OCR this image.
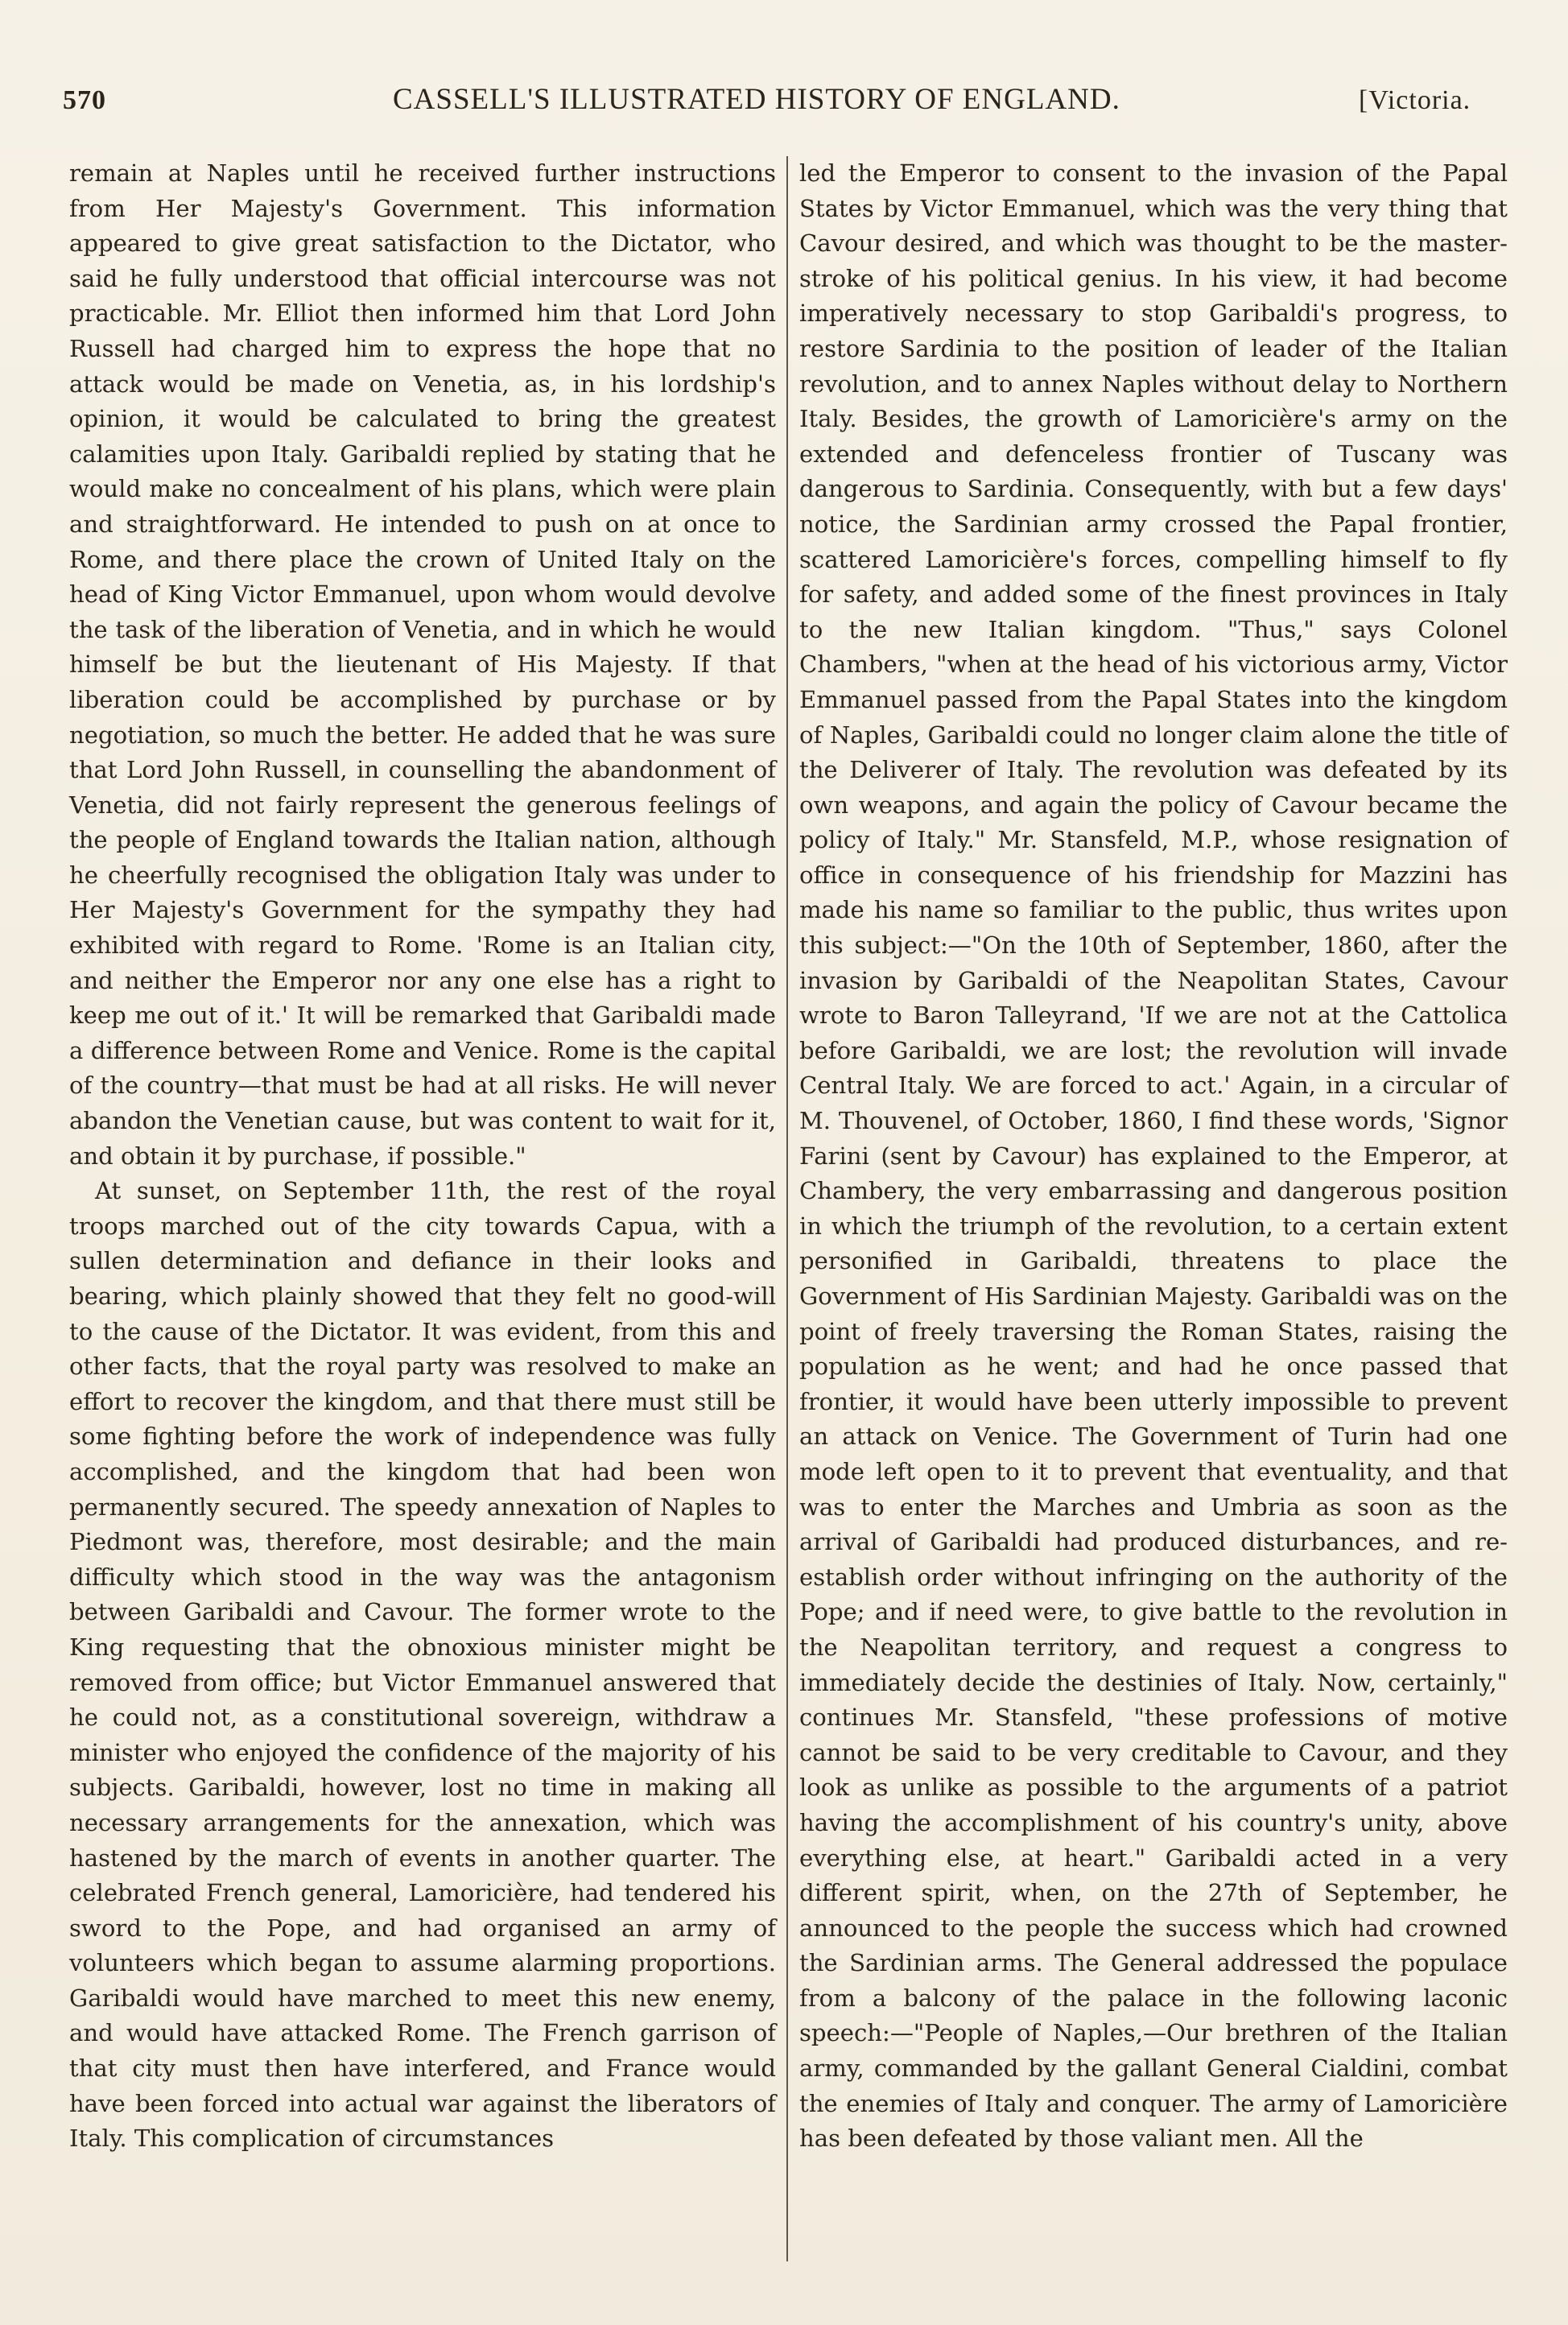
570	CASSELL'S ILLUSTRATED HISTORY OF ENGLAND.	[Victoria.

remain at Naples until he received further instructions from Her Majesty's Government. This information appeared to give great satisfaction to the Dictator, who said he fully understood that official intercourse was not practicable. Mr. Elliot then informed him that Lord John Russell had charged him to express the hope that no attack would be made on Venetia, as, in his lordship's opinion, it would be calculated to bring the greatest calamities upon Italy. Garibaldi replied by stating that he would make no concealment of his plans, which were plain and straightforward. He intended to push on at once to Rome, and there place the crown of United Italy on the head of King Victor Emmanuel, upon whom would devolve the task of the liberation of Venetia, and in which he would himself be but the lieutenant of His Majesty. If that liberation could be accomplished by purchase or by negotiation, so much the better. He added that he was sure that Lord John Russell, in counselling the abandonment of Venetia, did not fairly represent the generous feelings of the people of England towards the Italian nation, although he cheerfully recognised the obligation Italy was under to Her Majesty's Government for the sympathy they had exhibited with regard to Rome. 'Rome is an Italian city, and neither the Emperor nor any one else has a right to keep me out of it.' It will be remarked that Garibaldi made a difference between Rome and Venice. Rome is the capital of the country—that must be had at all risks. He will never abandon the Venetian cause, but was content to wait for it, and obtain it by purchase, if possible."

At sunset, on September 11th, the rest of the royal troops marched out of the city towards Capua, with a sullen determination and defiance in their looks and bearing, which plainly showed that they felt no good-will to the cause of the Dictator. It was evident, from this and other facts, that the royal party was resolved to make an effort to recover the kingdom, and that there must still be some fighting before the work of independence was fully accomplished, and the kingdom that had been won permanently secured. The speedy annexation of Naples to Piedmont was, therefore, most desirable; and the main difficulty which stood in the way was the antagonism between Garibaldi and Cavour. The former wrote to the King requesting that the obnoxious minister might be removed from office; but Victor Emmanuel answered that he could not, as a constitutional sovereign, withdraw a minister who enjoyed the confidence of the majority of his subjects. Garibaldi, however, lost no time in making all necessary arrangements for the annexation, which was hastened by the march of events in another quarter. The celebrated French general, Lamoricière, had tendered his sword to the Pope, and had organised an army of volunteers which began to assume alarming proportions. Garibaldi would have marched to meet this new enemy, and would have attacked Rome. The French garrison of that city must then have interfered, and France would have been forced into actual war against the liberators of Italy. This complication of circumstances

led the Emperor to consent to the invasion of the Papal States by Victor Emmanuel, which was the very thing that Cavour desired, and which was thought to be the master-stroke of his political genius. In his view, it had become imperatively necessary to stop Garibaldi's progress, to restore Sardinia to the position of leader of the Italian revolution, and to annex Naples without delay to Northern Italy. Besides, the growth of Lamoricière's army on the extended and defenceless frontier of Tuscany was dangerous to Sardinia. Consequently, with but a few days' notice, the Sardinian army crossed the Papal frontier, scattered Lamoricière's forces, compelling himself to fly for safety, and added some of the finest provinces in Italy to the new Italian kingdom. "Thus," says Colonel Chambers, "when at the head of his victorious army, Victor Emmanuel passed from the Papal States into the kingdom of Naples, Garibaldi could no longer claim alone the title of the Deliverer of Italy. The revolution was defeated by its own weapons, and again the policy of Cavour became the policy of Italy." Mr. Stansfeld, M.P., whose resignation of office in consequence of his friendship for Mazzini has made his name so familiar to the public, thus writes upon this subject:—"On the 10th of September, 1860, after the invasion by Garibaldi of the Neapolitan States, Cavour wrote to Baron Talleyrand, 'If we are not at the Cattolica before Garibaldi, we are lost; the revolution will invade Central Italy. We are forced to act.' Again, in a circular of M. Thouvenel, of October, 1860, I find these words, 'Signor Farini (sent by Cavour) has explained to the Emperor, at Chambery, the very embarrassing and dangerous position in which the triumph of the revolution, to a certain extent personified in Garibaldi, threatens to place the Government of His Sardinian Majesty. Garibaldi was on the point of freely traversing the Roman States, raising the population as he went; and had he once passed that frontier, it would have been utterly impossible to prevent an attack on Venice. The Government of Turin had one mode left open to it to prevent that eventuality, and that was to enter the Marches and Umbria as soon as the arrival of Garibaldi had produced disturbances, and re-establish order without infringing on the authority of the Pope; and if need were, to give battle to the revolution in the Neapolitan territory, and request a congress to immediately decide the destinies of Italy. Now, certainly," continues Mr. Stansfeld, "these professions of motive cannot be said to be very creditable to Cavour, and they look as unlike as possible to the arguments of a patriot having the accomplishment of his country's unity, above everything else, at heart." Garibaldi acted in a very different spirit, when, on the 27th of September, he announced to the people the success which had crowned the Sardinian arms. The General addressed the populace from a balcony of the palace in the following laconic speech:—"People of Naples,—Our brethren of the Italian army, commanded by the gallant General Cialdini, combat the enemies of Italy and conquer. The army of Lamoricière has been defeated by those valiant men. All the
